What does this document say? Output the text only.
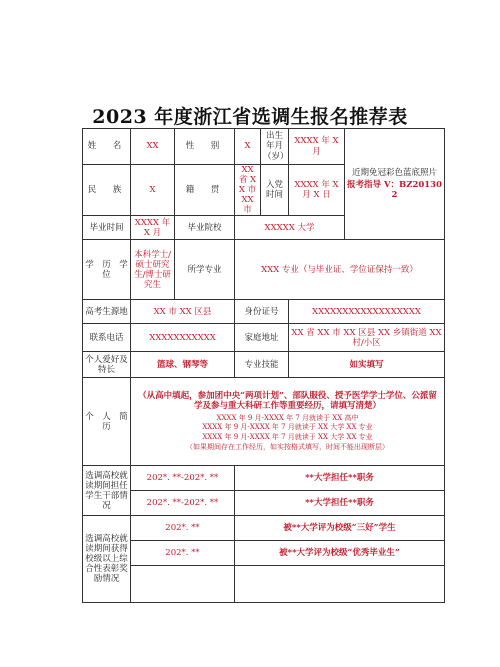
2023 年度浙江省选调生报名推荐表
姓　名	XX	性　别	X	出生年月（岁）	XXXX 年 X 月	近期免冠彩色蓝底照片
报考指导 V：BZ201302

民　族	X	籍　贯	XX 省 XX 市 XX 市	入党时间	XXXX 年 X 月 X 日	
毕业时间	XXXX 年 X 月	毕业院校	XXXXX 大学			
学　历　学　位	本科学士/硕士研究生/博士研究生	所学专业	XXX 专业（与毕业证、学位证保持一致）			
高考生源地	XX 市 XX 区县		身份证号		XXXXXXXXXXXXXXXXXX	
联系电话	XXXXXXXXXXX		家庭地址		XX 省 XX 市 XX 区县 XX 乡镇街道 XX 村/小区	
个人爱好及特长	篮球、钢琴等		专业技能		如实填写	
个　人　简　历	（从高中填起，参加团中央“两项计划”、部队服役、授予医学学士学位、公派留学及参与重大科研工作等重要经历，请填写清楚）
XXXX 年 9 月-XXXX 年 7 月就读于 XX 高中
XXXX 年 9 月-XXXX 年 7 月就读于 XX 大学 XX 专业
XXXX 年 9 月-XXXX 年 7 月就读于 XX 大学 XX 专业
（如果期间存在工作经历，如实按格式填写，时间不能出现断层）					

选调高校就读期间担任学生干部情况	202*. **-202*. **		**大学担任**职务			
	202*. **-202*. **		**大学担任**职务			
选调高校就读期间获得校级以上综合性表彰奖励情况	202*. **		被**大学评为校级“三好”学生			
	202*. **		被**大学评为校级“优秀毕业生”			
